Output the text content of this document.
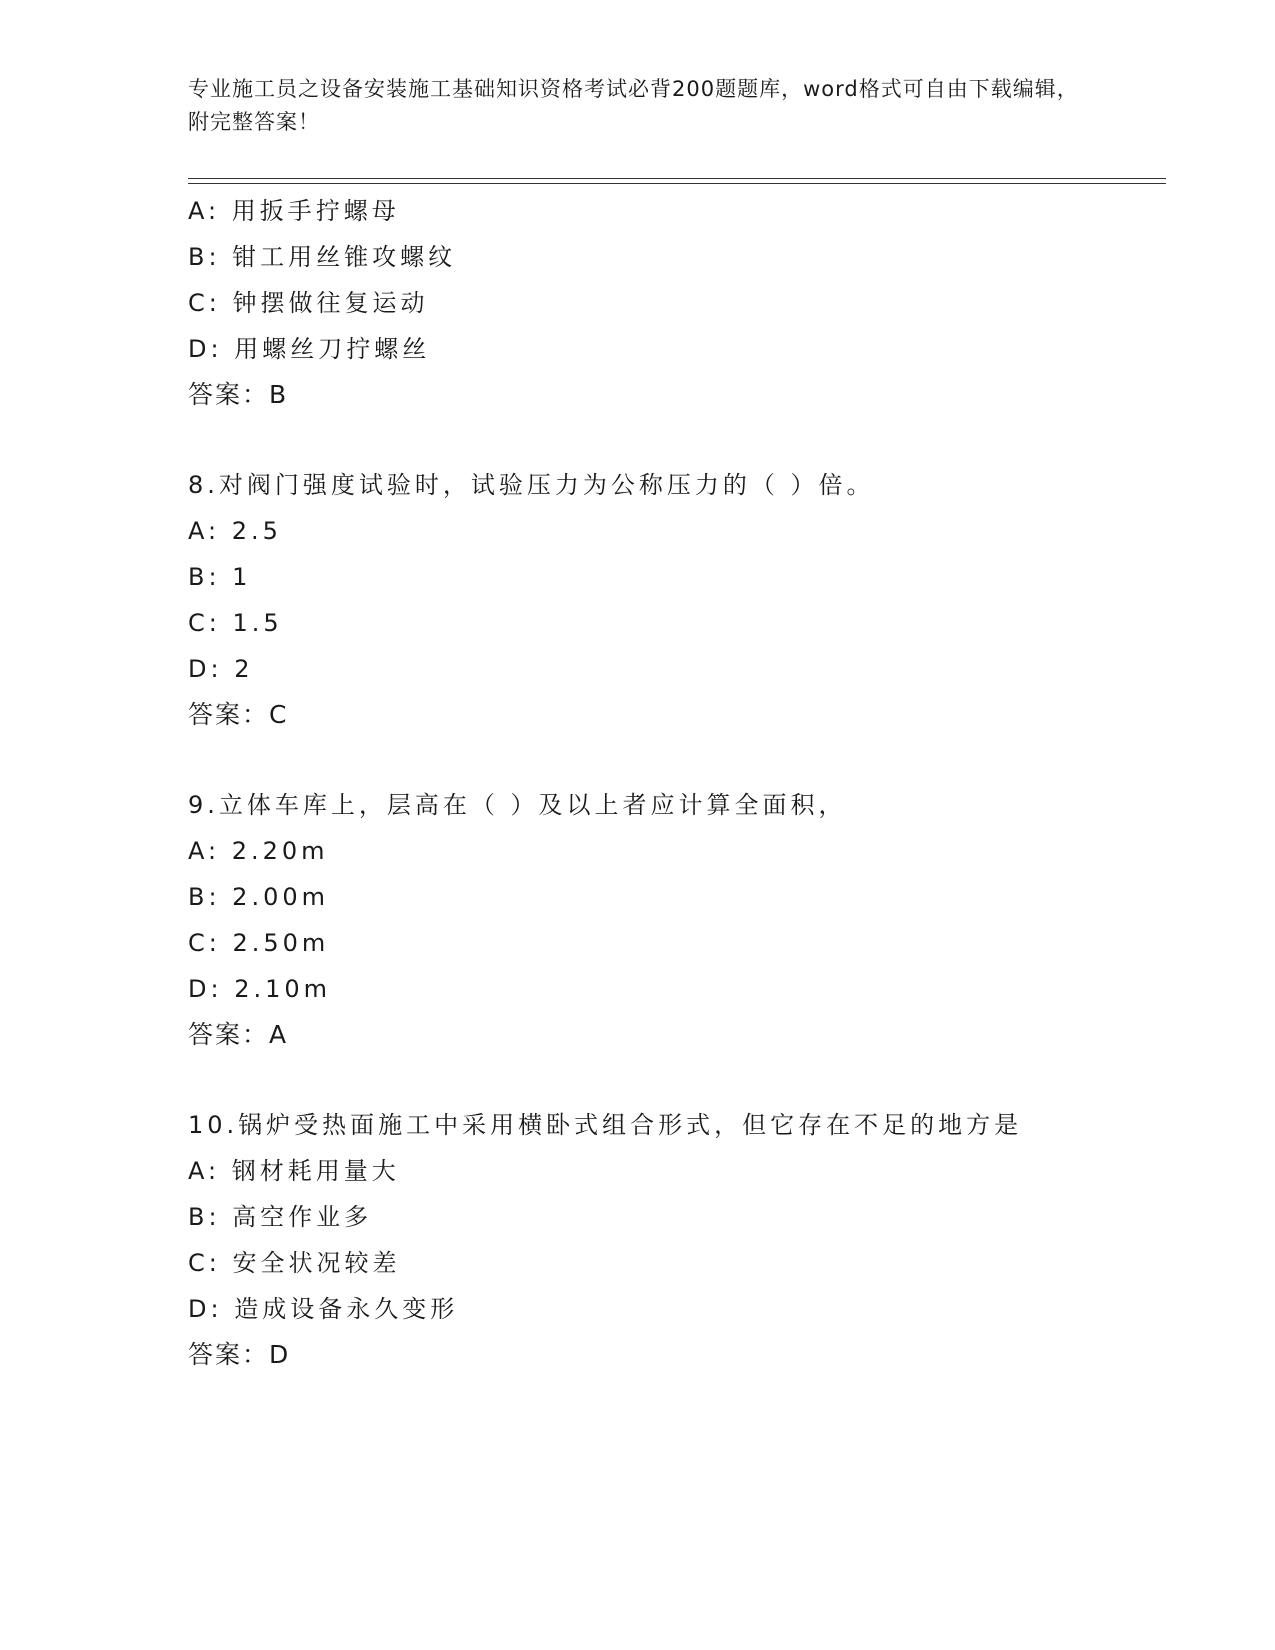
专业施工员之设备安装施工基础知识资格考试必背200题题库，word格式可自由下载编辑，附完整答案！
A: 用扳手拧螺母
B: 钳工用丝锥攻螺纹
C: 钟摆做往复运动
D: 用螺丝刀拧螺丝
答案：B
8.对阀门强度试验时，试验压力为公称压力的（ ）倍。
A: 2.5
B: 1
C: 1.5
D: 2
答案：C
9.立体车库上，层高在（ ）及以上者应计算全面积，
A: 2.20m
B: 2.00m
C: 2.50m
D: 2.10m
答案：A
10.锅炉受热面施工中采用横卧式组合形式，但它存在不足的地方是
A: 钢材耗用量大
B: 高空作业多
C: 安全状况较差
D: 造成设备永久变形
答案：D
